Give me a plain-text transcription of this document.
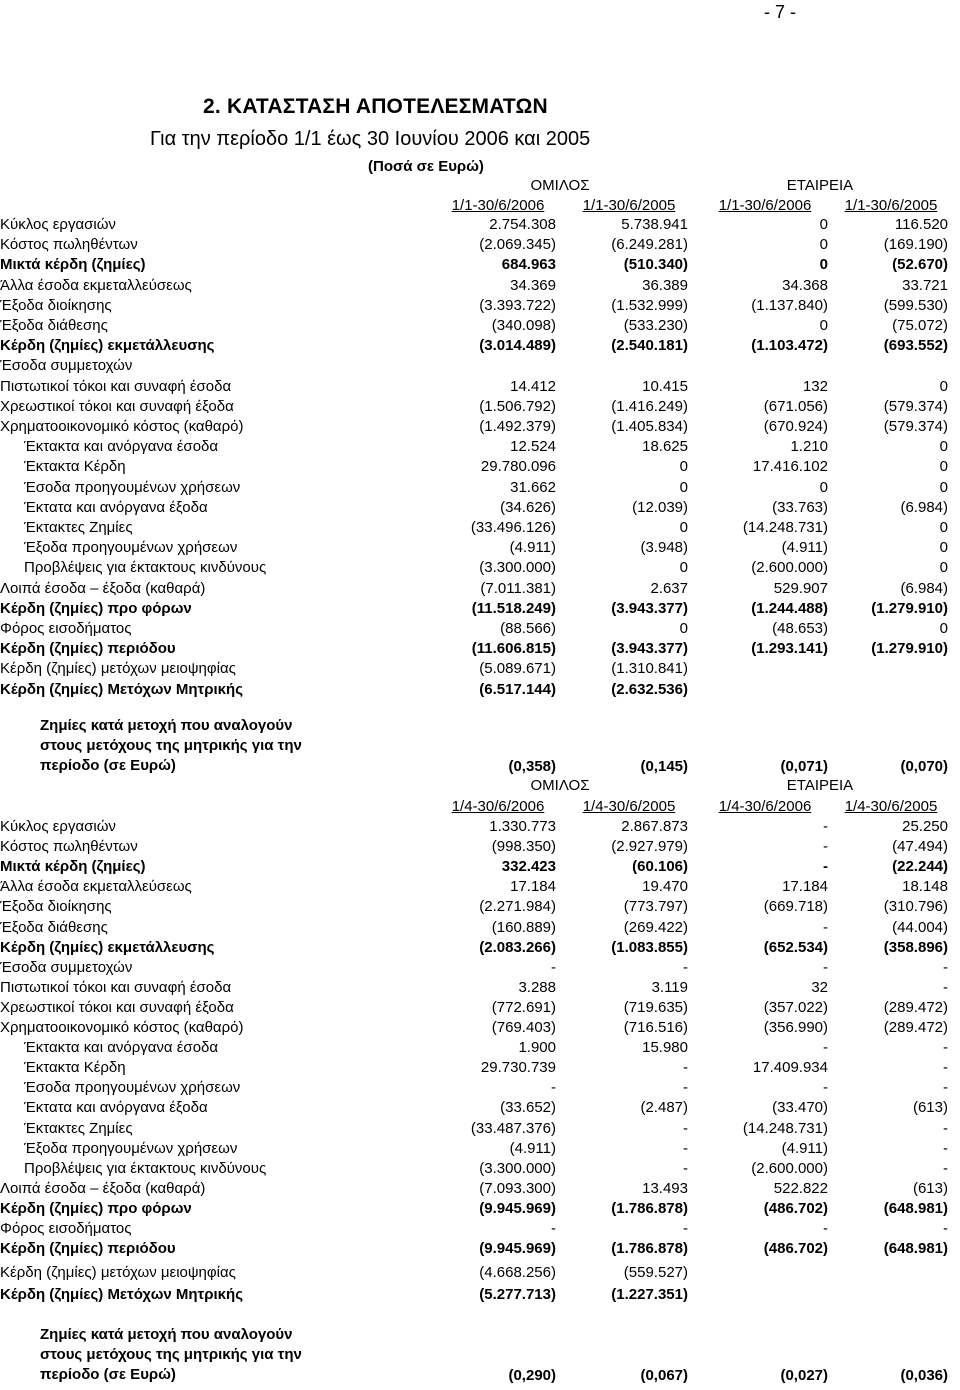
- 7 -
2. ΚΑΤΑΣΤΑΣΗ ΑΠΟΤΕΛΕΣΜΑΤΩΝ
Για την περίοδο 1/1 έως 30 Ιουνίου 2006 και 2005
(Ποσά σε Ευρώ)
ΟΜΙΛΟΣ	ΕΤΑΙΡΕΙΑ
1/1-30/6/2006	1/1-30/6/2005	1/1-30/6/2006	1/1-30/6/2005
Κύκλος εργασιών	2.754.308	5.738.941	0	116.520
Κόστος πωληθέντων	(2.069.345)	(6.249.281)	0	(169.190)
Μικτά κέρδη (ζημίες)	684.963	(510.340)	0	(52.670)
Άλλα έσοδα εκμεταλλεύσεως	34.369	36.389	34.368	33.721
Έξοδα διοίκησης	(3.393.722)	(1.532.999)	(1.137.840)	(599.530)
Έξοδα διάθεσης	(340.098)	(533.230)	0	(75.072)
Κέρδη (ζημίες) εκμετάλλευσης	(3.014.489)	(2.540.181)	(1.103.472)	(693.552)
Έσοδα συμμετοχών
Πιστωτικοί τόκοι και συναφή έσοδα	14.412	10.415	132	0
Χρεωστικοί τόκοι και συναφή έξοδα	(1.506.792)	(1.416.249)	(671.056)	(579.374)
Χρηματοοικονομικό κόστος (καθαρό)	(1.492.379)	(1.405.834)	(670.924)	(579.374)
Έκτακτα και ανόργανα έσοδα	12.524	18.625	1.210	0
Έκτακτα Κέρδη	29.780.096	0	17.416.102	0
Έσοδα προηγουμένων χρήσεων	31.662	0	0	0
Έκτατα και ανόργανα έξοδα	(34.626)	(12.039)	(33.763)	(6.984)
Έκτακτες Ζημίες	(33.496.126)	0	(14.248.731)	0
Έξοδα προηγουμένων χρήσεων	(4.911)	(3.948)	(4.911)	0
Προβλέψεις για έκτακτους κινδύνους	(3.300.000)	0	(2.600.000)	0
Λοιπά έσοδα – έξοδα (καθαρά)	(7.011.381)	2.637	529.907	(6.984)
Κέρδη (ζημίες) προ φόρων	(11.518.249)	(3.943.377)	(1.244.488)	(1.279.910)
Φόρος εισοδήματος	(88.566)	0	(48.653)	0
Κέρδη (ζημίες) περιόδου	(11.606.815)	(3.943.377)	(1.293.141)	(1.279.910)
Κέρδη (ζημίες) μετόχων μειοψηφίας	(5.089.671)	(1.310.841)
Κέρδη (ζημίες) Μετόχων Μητρικής	(6.517.144)	(2.632.536)
Ζημίες κατά μετοχή που αναλογούν
στους μετόχους της μητρικής για την
περίοδο (σε Ευρώ)	(0,358)	(0,145)	(0,071)	(0,070)
ΟΜΙΛΟΣ	ΕΤΑΙΡΕΙΑ
1/4-30/6/2006	1/4-30/6/2005	1/4-30/6/2006	1/4-30/6/2005
Κύκλος εργασιών	1.330.773	2.867.873	-	25.250
Κόστος πωληθέντων	(998.350)	(2.927.979)	-	(47.494)
Μικτά κέρδη (ζημίες)	332.423	(60.106)	-	(22.244)
Άλλα έσοδα εκμεταλλεύσεως	17.184	19.470	17.184	18.148
Έξοδα διοίκησης	(2.271.984)	(773.797)	(669.718)	(310.796)
Έξοδα διάθεσης	(160.889)	(269.422)	-	(44.004)
Κέρδη (ζημίες) εκμετάλλευσης	(2.083.266)	(1.083.855)	(652.534)	(358.896)
Έσοδα συμμετοχών	-	-	-	-
Πιστωτικοί τόκοι και συναφή έσοδα	3.288	3.119	32	-
Χρεωστικοί τόκοι και συναφή έξοδα	(772.691)	(719.635)	(357.022)	(289.472)
Χρηματοοικονομικό κόστος (καθαρό)	(769.403)	(716.516)	(356.990)	(289.472)
Έκτακτα και ανόργανα έσοδα	1.900	15.980	-	-
Έκτακτα Κέρδη	29.730.739	-	17.409.934	-
Έσοδα προηγουμένων χρήσεων	-	-	-	-
Έκτατα και ανόργανα έξοδα	(33.652)	(2.487)	(33.470)	(613)
Έκτακτες Ζημίες	(33.487.376)	-	(14.248.731)	-
Έξοδα προηγουμένων χρήσεων	(4.911)	-	(4.911)	-
Προβλέψεις για έκτακτους κινδύνους	(3.300.000)	-	(2.600.000)	-
Λοιπά έσοδα – έξοδα (καθαρά)	(7.093.300)	13.493	522.822	(613)
Κέρδη (ζημίες) προ φόρων	(9.945.969)	(1.786.878)	(486.702)	(648.981)
Φόρος εισοδήματος	-	-	-	-
Κέρδη (ζημίες) περιόδου	(9.945.969)	(1.786.878)	(486.702)	(648.981)
Κέρδη (ζημίες) μετόχων μειοψηφίας	(4.668.256)	(559.527)
Κέρδη (ζημίες) Μετόχων Μητρικής	(5.277.713)	(1.227.351)
Ζημίες κατά μετοχή που αναλογούν
στους μετόχους της μητρικής για την
περίοδο (σε Ευρώ)	(0,290)	(0,067)	(0,027)	(0,036)
